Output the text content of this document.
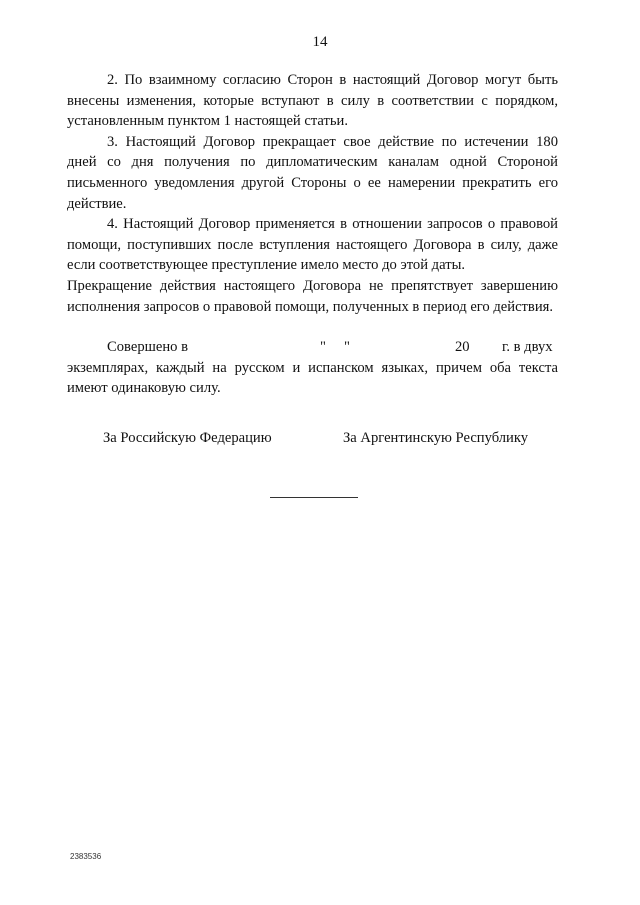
14

2. По взаимному согласию Сторон в настоящий Договор могут быть внесены изменения, которые вступают в силу в соответствии с порядком, установленным пунктом 1 настоящей статьи.

3. Настоящий Договор прекращает свое действие по истечении 180 дней со дня получения по дипломатическим каналам одной Стороной письменного уведомления другой Стороны о ее намерении прекратить его действие.

4. Настоящий Договор применяется в отношении запросов о правовой помощи, поступивших после вступления настоящего Договора в силу, даже если соответствующее преступление имело место до этой даты.

Прекращение действия настоящего Договора не препятствует завершению исполнения запросов о правовой помощи, полученных в период его действия.

Совершено в	" "	20 г. в двух

экземплярах, каждый на русском и испанском языках, причем оба текста имеют одинаковую силу.

За Российскую Федерацию	За Аргентинскую Республику
2383536
